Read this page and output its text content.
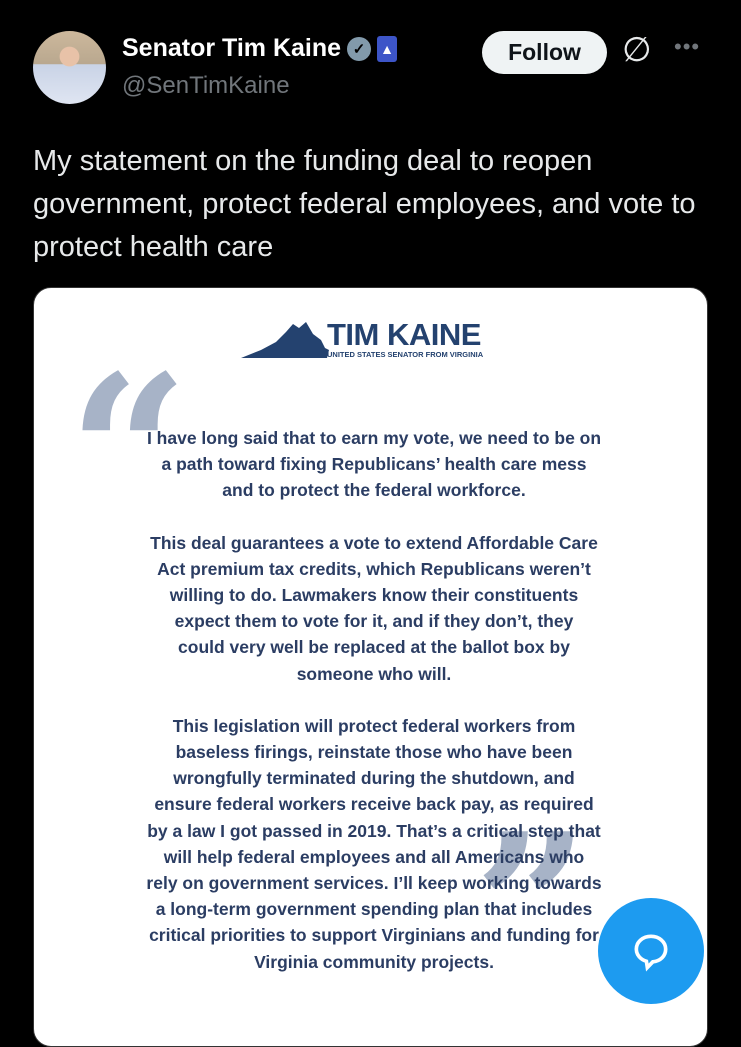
Senator Tim Kaine ✓	▲
@SenTimKaine
Follow	∅ •••
My statement on the funding deal to reopen government, protect federal employees, and vote to protect health care
TIM KAINE
UNITED STATES SENATOR FROM VIRGINIA
“
”
I have long said that to earn my vote, we need to be on
a path toward fixing Republicans’ health care mess
and to protect the federal workforce.
This deal guarantees a vote to extend Affordable Care
Act premium tax credits, which Republicans weren’t
willing to do. Lawmakers know their constituents
expect them to vote for it, and if they don’t, they
could very well be replaced at the ballot box by
someone who will.
This legislation will protect federal workers from
baseless firings, reinstate those who have been
wrongfully terminated during the shutdown, and
ensure federal workers receive back pay, as required
by a law I got passed in 2019. That’s a critical step that
will help federal employees and all Americans who
rely on government services. I’ll keep working towards
a long-term government spending plan that includes
critical priorities to support Virginians and funding for
Virginia community projects.
